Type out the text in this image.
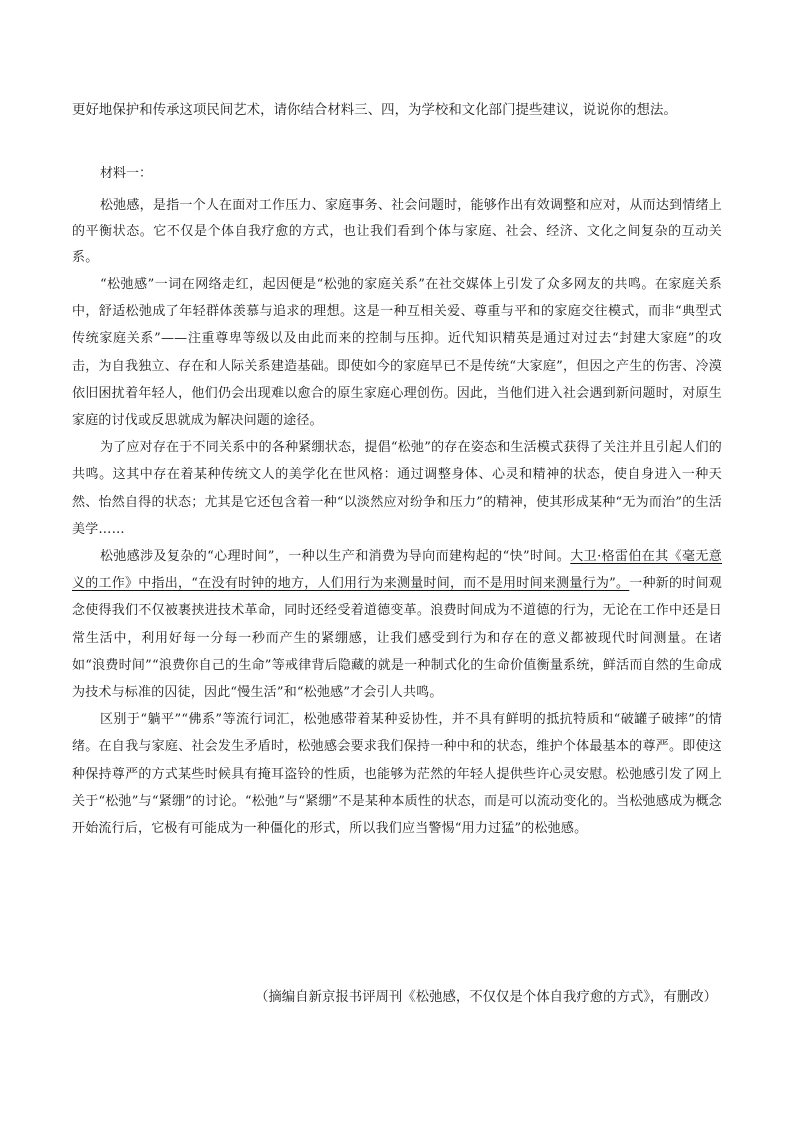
更好地保护和传承这项民间艺术，请你结合材料三、四，为学校和文化部门提些建议，说说你的想法。
材料一：

松弛感，是指一个人在面对工作压力、家庭事务、社会问题时，能够作出有效调整和应对，从而达到情绪上的平衡状态。它不仅是个体自我疗愈的方式，也让我们看到个体与家庭、社会、经济、文化之间复杂的互动关系。

“松弛感”一词在网络走红，起因便是“松弛的家庭关系”在社交媒体上引发了众多网友的共鸣。在家庭关系中，舒适松弛成了年轻群体羡慕与追求的理想。这是一种互相关爱、尊重与平和的家庭交往模式，而非“典型式传统家庭关系”——注重尊卑等级以及由此而来的控制与压抑。近代知识精英是通过对过去“封建大家庭”的攻击，为自我独立、存在和人际关系建造基础。即使如今的家庭早已不是传统“大家庭”，但因之产生的伤害、冷漠依旧困扰着年轻人，他们仍会出现难以愈合的原生家庭心理创伤。因此，当他们进入社会遇到新问题时，对原生家庭的讨伐或反思就成为解决问题的途径。

为了应对存在于不同关系中的各种紧绷状态，提倡“松弛”的存在姿态和生活模式获得了关注并且引起人们的共鸣。这其中存在着某种传统文人的美学化在世风格：通过调整身体、心灵和精神的状态，使自身进入一种天然、怡然自得的状态；尤其是它还包含着一种“以淡然应对纷争和压力”的精神，使其形成某种“无为而治”的生活美学……

松弛感涉及复杂的“心理时间”，一种以生产和消费为导向而建构起的“快”时间。大卫·格雷伯在其《毫无意义的工作》中指出，“在没有时钟的地方，人们用行为来测量时间，而不是用时间来测量行为”。一种新的时间观念使得我们不仅被裹挟进技术革命，同时还经受着道德变革。浪费时间成为不道德的行为，无论在工作中还是日常生活中，利用好每一分每一秒而产生的紧绷感，让我们感受到行为和存在的意义都被现代时间测量。在诸如“浪费时间”“浪费你自己的生命”等戒律背后隐藏的就是一种制式化的生命价值衡量系统，鲜活而自然的生命成为技术与标准的囚徒，因此“慢生活”和“松弛感”才会引人共鸣。

区别于“躺平”“佛系”等流行词汇，松弛感带着某种妥协性，并不具有鲜明的抵抗特质和“破罐子破摔”的情绪。在自我与家庭、社会发生矛盾时，松弛感会要求我们保持一种中和的状态，维护个体最基本的尊严。即使这种保持尊严的方式某些时候具有掩耳盗铃的性质，也能够为茫然的年轻人提供些许心灵安慰。松弛感引发了网上关于“松弛”与“紧绷”的讨论。“松弛”与“紧绷”不是某种本质性的状态，而是可以流动变化的。当松弛感成为概念开始流行后，它极有可能成为一种僵化的形式，所以我们应当警惕“用力过猛”的松弛感。

（摘编自新京报书评周刊《松弛感，不仅仅是个体自我疗愈的方式》，有删改）
